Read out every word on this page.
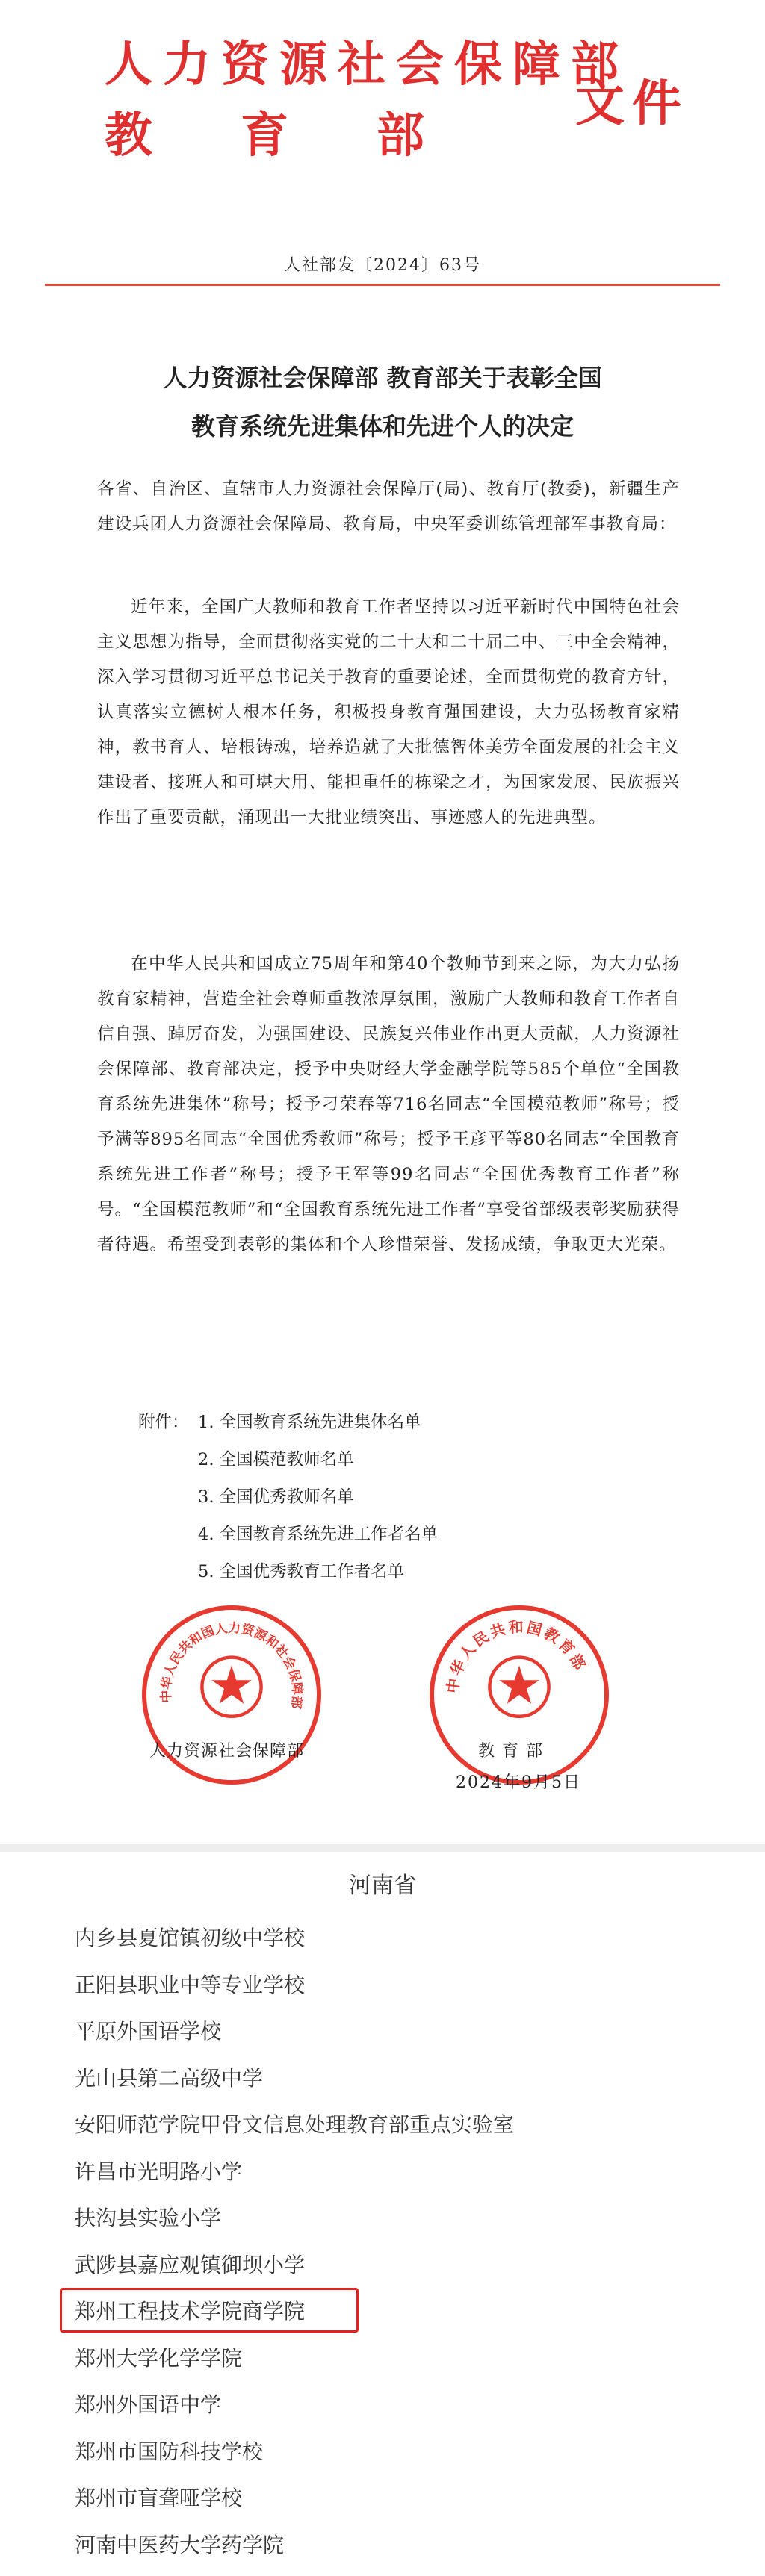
人力资源社会保障部
教育部
文件
人社部发〔2024〕63号
人力资源社会保障部 教育部关于表彰全国
教育系统先进集体和先进个人的决定

各省、自治区、直辖市人力资源社会保障厅(局)、教育厅(教委)，新疆生产建设兵团人力资源社会保障局、教育局，中央军委训练管理部军事教育局：

近年来，全国广大教师和教育工作者坚持以习近平新时代中国特色社会主义思想为指导，全面贯彻落实党的二十大和二十届二中、三中全会精神，深入学习贯彻习近平总书记关于教育的重要论述，全面贯彻党的教育方针，认真落实立德树人根本任务，积极投身教育强国建设，大力弘扬教育家精神，教书育人、培根铸魂，培养造就了大批德智体美劳全面发展的社会主义建设者、接班人和可堪大用、能担重任的栋梁之才，为国家发展、民族振兴作出了重要贡献，涌现出一大批业绩突出、事迹感人的先进典型。

在中华人民共和国成立75周年和第40个教师节到来之际，为大力弘扬教育家精神，营造全社会尊师重教浓厚氛围，激励广大教师和教育工作者自信自强、踔厉奋发，为强国建设、民族复兴伟业作出更大贡献，人力资源社会保障部、教育部决定，授予中央财经大学金融学院等585个单位“全国教育系统先进集体”称号；授予刁荣春等716名同志“全国模范教师”称号；授予满等895名同志“全国优秀教师”称号；授予王彦平等80名同志“全国教育系统先进工作者”称号；授予王军等99名同志“全国优秀教育工作者”称号。“全国模范教师”和“全国教育系统先进工作者”享受省部级表彰奖励获得者待遇。希望受到表彰的集体和个人珍惜荣誉、发扬成绩，争取更大光荣。

附件： 1. 全国教育系统先进集体名单
2. 全国模范教师名单
3. 全国优秀教师名单
4. 全国教育系统先进工作者名单
5. 全国优秀教育工作者名单
中华人民共和国人力资源和社会保障部
中华人民共和国教育部
人力资源社会保障部	教育部
2024年9月5日
河南省
内乡县夏馆镇初级中学校
正阳县职业中等专业学校
平原外国语学校
光山县第二高级中学
安阳师范学院甲骨文信息处理教育部重点实验室
许昌市光明路小学
扶沟县实验小学
武陟县嘉应观镇御坝小学
郑州工程技术学院商学院
郑州大学化学学院
郑州外国语中学
郑州市国防科技学校
郑州市盲聋哑学校
河南中医药大学药学院
